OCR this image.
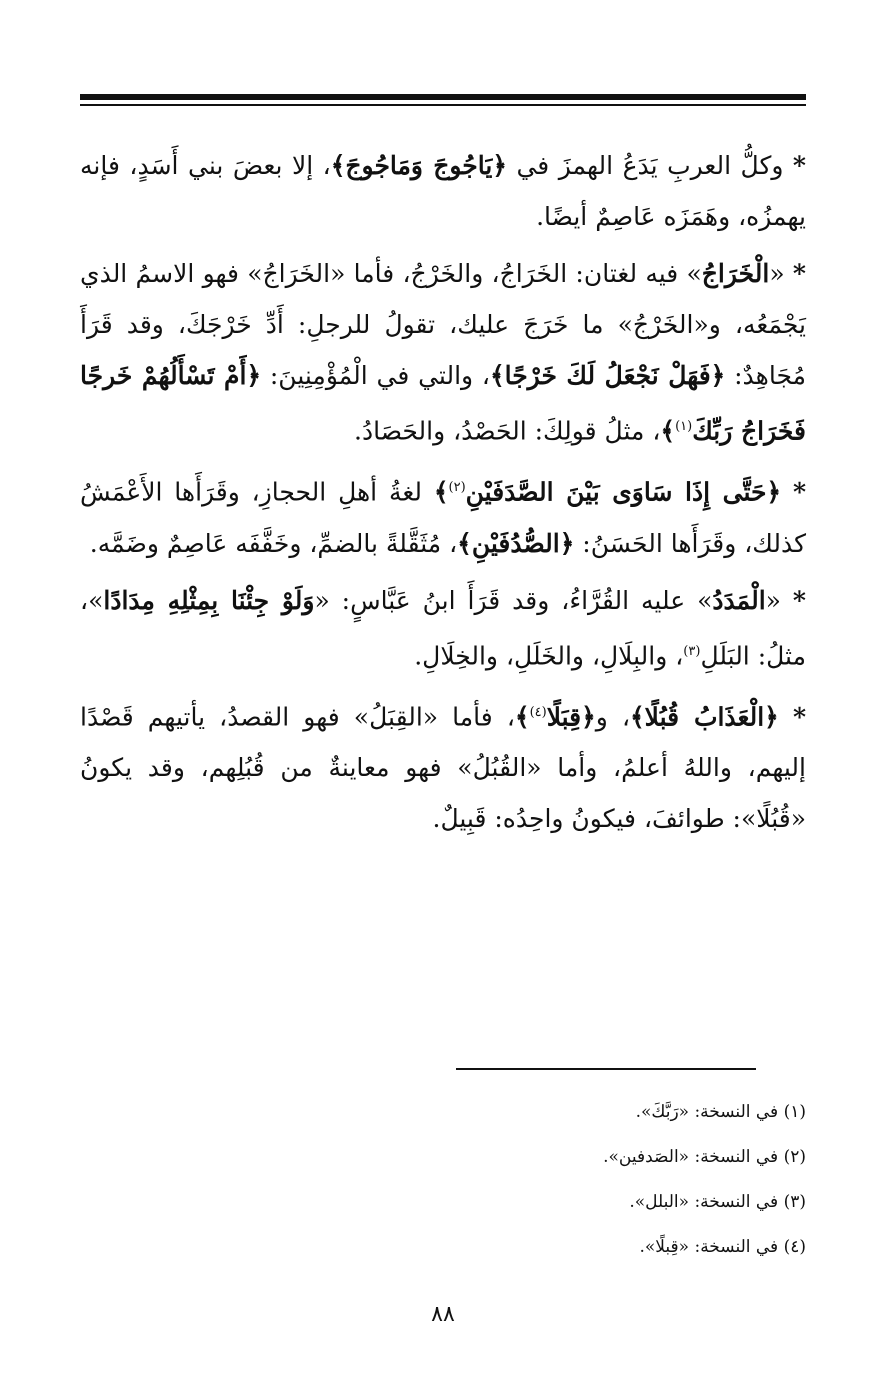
* وكلُّ العربِ يَدَعُ الهمزَ في ﴿يَاجُوجَ وَمَاجُوجَ﴾، إلا بعضَ بني أَسَدٍ، فإنه يهمزُه، وهَمَزَه عَاصِمٌ أيضًا.

* «الْخَرَاجُ» فيه لغتان: الخَرَاجُ، والخَرْجُ، فأما «الخَرَاجُ» فهو الاسمُ الذي يَجْمَعُه، و«الخَرْجُ» ما خَرَجَ عليك، تقولُ للرجلِ: أَدِّ خَرْجَكَ، وقد قَرَأَ مُجَاهِدٌ: ﴿فَهَلْ نَجْعَلُ لَكَ خَرْجًا﴾، والتي في الْمُؤْمِنِينَ: ﴿أَمْ تَسْأَلُهُمْ خَرجًا فَخَرَاجُ رَبِّكَ$^{(١)}$﴾، مثلُ قولِكَ: الحَصْدُ، والحَصَادُ.

* ﴿حَتَّى إِذَا سَاوَى بَيْنَ الصَّدَفَيْنِ$^{(٢)}$﴾ لغةُ أهلِ الحجازِ، وقَرَأَها الأَعْمَشُ كذلك، وقَرَأَها الحَسَنُ: ﴿الصُّدُفَيْنِ﴾، مُثَقَّلةً بالضمِّ، وخَفَّفَه عَاصِمٌ وضَمَّه.

* «الْمَدَدُ» عليه القُرَّاءُ، وقد قَرَأَ ابنُ عَبَّاسٍ: «وَلَوْ جِئْنَا بِمِثْلِهِ مِدَادًا»، مثلُ: البَلَلِ$^{(٣)}$، والبِلَالِ، والخَلَلِ، والخِلَالِ.

* ﴿الْعَذَابُ قُبُلًا﴾، و﴿قِبَلًا$^{(٤)}$﴾، فأما «القِبَلُ» فهو القصدُ، يأتيهم قَصْدًا إليهم، واللهُ أعلمُ، وأما «القُبُلُ» فهو معاينةٌ من قُبُلِهم، وقد يكونُ «قُبُلًا»: طوائفَ، فيكونُ واحِدُه: قَبِيلٌ.

(١) في النسخة: «رَبَّكَ».

(٢) في النسخة: «الصَدفين».

(٣) في النسخة: «البلل».

(٤) في النسخة: «قِبلًا».

٨٨
